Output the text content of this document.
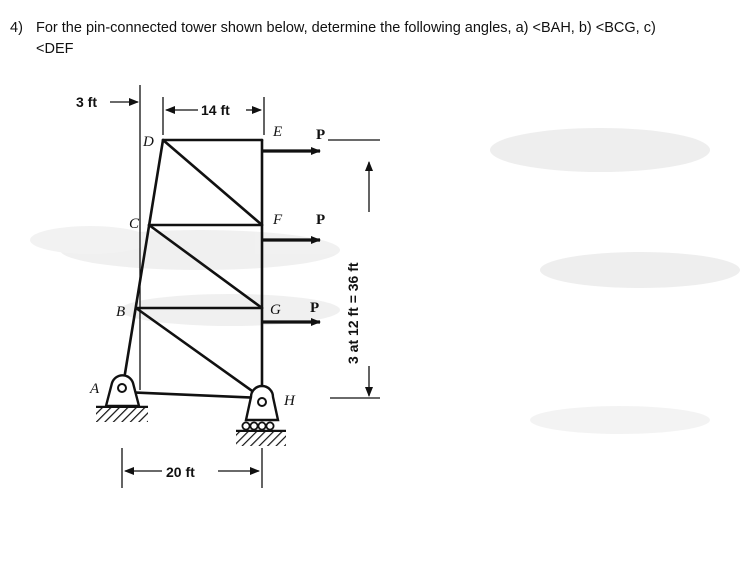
4) For the pin-connected tower shown below, determine the following angles, a) <BAH, b) <BCG, c)
<DEF
P
P
P
A
B
C
D
E
F
G
H
3 ft	14 ft
20 ft
3 at 12 ft = 36 ft
